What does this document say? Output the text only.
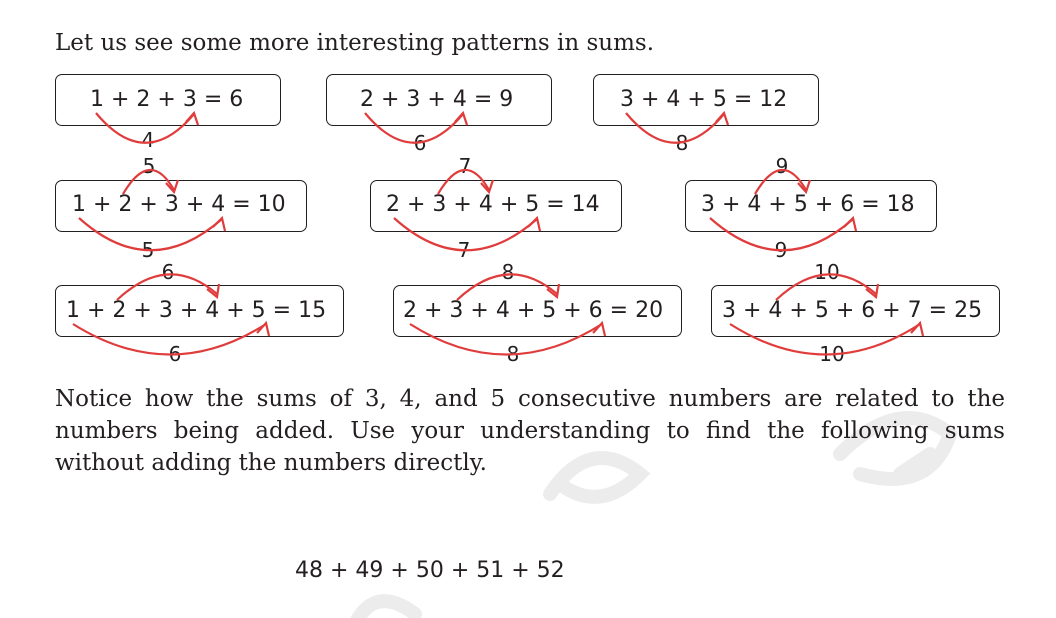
Let us see some more interesting patterns in sums.
1 + 2 + 3 = 6
4
2 + 3 + 4 = 9
6
3 + 4 + 5 = 12
8
1 + 2 + 3 + 4 = 10
5
5
2 + 3 + 4 + 5 = 14
7
7
3 + 4 + 5 + 6 = 18
9
9
1 + 2 + 3 + 4 + 5 = 15
6
6
2 + 3 + 4 + 5 + 6 = 20
8
8
3 + 4 + 5 + 6 + 7 = 25
10
10
Notice how the sums of 3, 4, and 5 consecutive numbers are related to the numbers being added. Use your understanding to find the following sums without adding the numbers directly.
48 + 49 + 50 + 51 + 52
